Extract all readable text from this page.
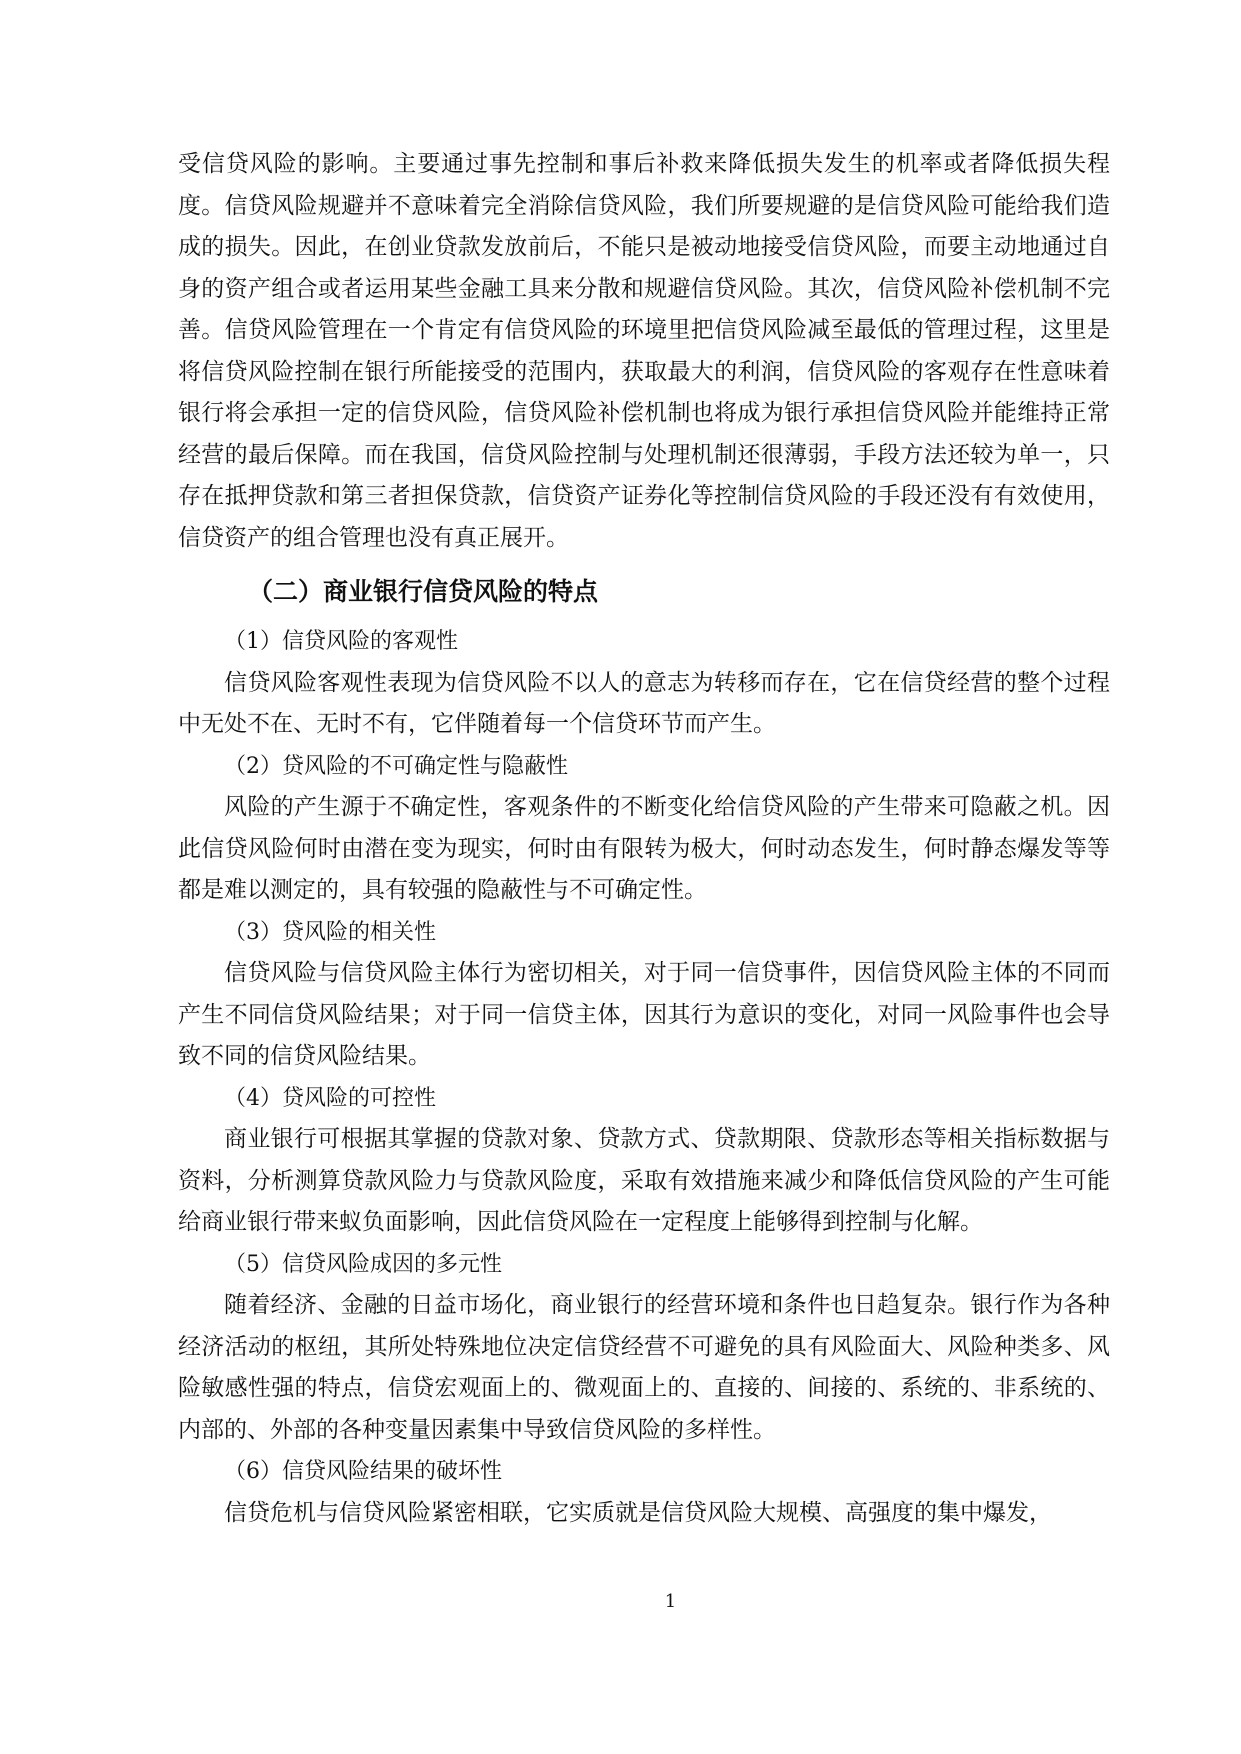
受信贷风险的影响。主要通过事先控制和事后补救来降低损失发生的机率或者降低损失程度。信贷风险规避并不意味着完全消除信贷风险，我们所要规避的是信贷风险可能给我们造成的损失。因此，在创业贷款发放前后，不能只是被动地接受信贷风险，而要主动地通过自身的资产组合或者运用某些金融工具来分散和规避信贷风险。其次，信贷风险补偿机制不完善。信贷风险管理在一个肯定有信贷风险的环境里把信贷风险减至最低的管理过程，这里是将信贷风险控制在银行所能接受的范围内，获取最大的利润，信贷风险的客观存在性意味着银行将会承担一定的信贷风险，信贷风险补偿机制也将成为银行承担信贷风险并能维持正常经营的最后保障。而在我国，信贷风险控制与处理机制还很薄弱，手段方法还较为单一，只存在抵押贷款和第三者担保贷款，信贷资产证券化等控制信贷风险的手段还没有有效使用，信贷资产的组合管理也没有真正展开。

（二）商业银行信贷风险的特点
（1）信贷风险的客观性

信贷风险客观性表现为信贷风险不以人的意志为转移而存在，它在信贷经营的整个过程中无处不在、无时不有，它伴随着每一个信贷环节而产生。

（2）贷风险的不可确定性与隐蔽性

风险的产生源于不确定性，客观条件的不断变化给信贷风险的产生带来可隐蔽之机。因此信贷风险何时由潜在变为现实，何时由有限转为极大，何时动态发生，何时静态爆发等等都是难以测定的，具有较强的隐蔽性与不可确定性。

（3）贷风险的相关性

信贷风险与信贷风险主体行为密切相关，对于同一信贷事件，因信贷风险主体的不同而产生不同信贷风险结果；对于同一信贷主体，因其行为意识的变化，对同一风险事件也会导致不同的信贷风险结果。

（4）贷风险的可控性

商业银行可根据其掌握的贷款对象、贷款方式、贷款期限、贷款形态等相关指标数据与资料，分析测算贷款风险力与贷款风险度，采取有效措施来减少和降低信贷风险的产生可能给商业银行带来蚁负面影响，因此信贷风险在一定程度上能够得到控制与化解。

（5）信贷风险成因的多元性

随着经济、金融的日益市场化，商业银行的经营环境和条件也日趋复杂。银行作为各种经济活动的枢纽，其所处特殊地位决定信贷经营不可避免的具有风险面大、风险种类多、风险敏感性强的特点，信贷宏观面上的、微观面上的、直接的、间接的、系统的、非系统的、内部的、外部的各种变量因素集中导致信贷风险的多样性。

（6）信贷风险结果的破坏性

信贷危机与信贷风险紧密相联，它实质就是信贷风险大规模、高强度的集中爆发，

1
